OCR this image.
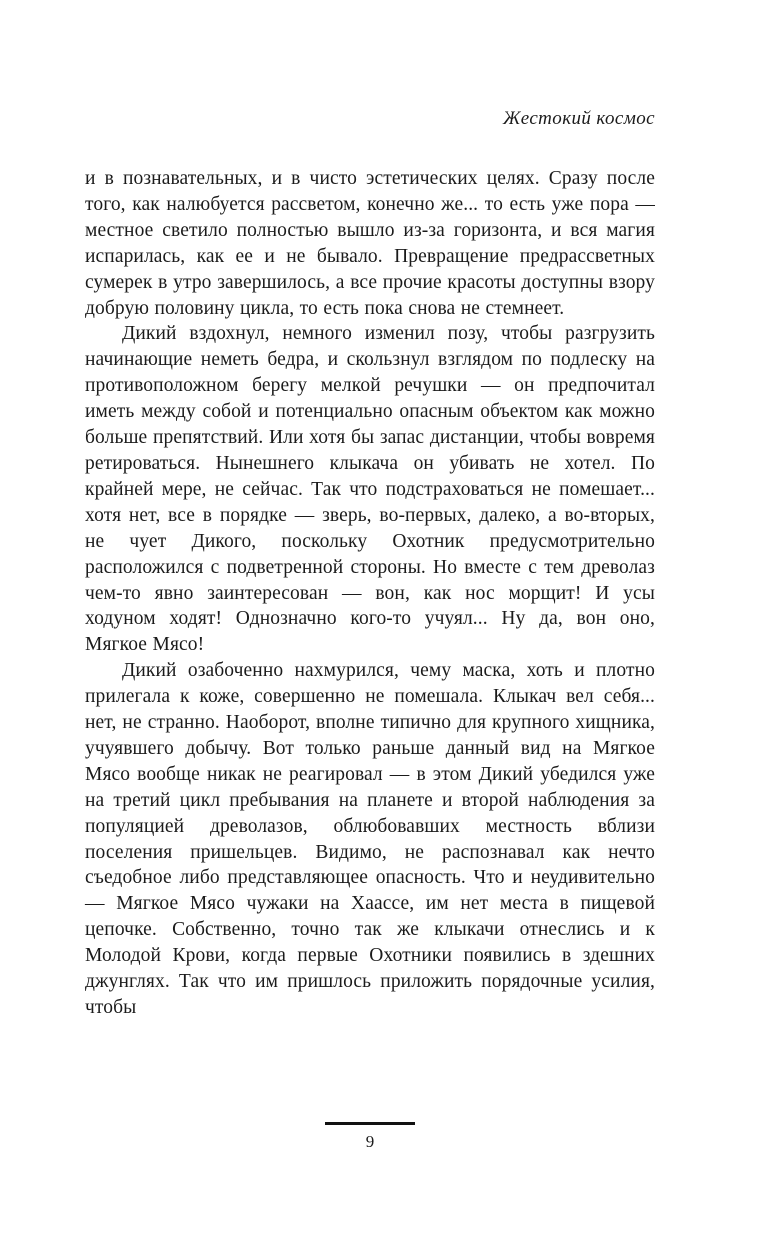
Жестокий космос

и в познавательных, и в чисто эстетических целях. Сразу после того, как налюбуется рассветом, конечно же... то есть уже пора — местное светило полностью вышло из-за горизонта, и вся магия испарилась, как ее и не бывало. Превращение предрассветных сумерек в утро завершилось, а все прочие красоты доступны взору добрую половину цикла, то есть пока снова не стемнеет.

Дикий вздохнул, немного изменил позу, чтобы разгрузить начинающие неметь бедра, и скользнул взглядом по подлеску на противоположном берегу мелкой речушки — он предпочитал иметь между собой и потенциально опасным объектом как можно больше препятствий. Или хотя бы запас дистанции, чтобы вовремя ретироваться. Нынешнего клыкача он убивать не хотел. По крайней мере, не сейчас. Так что подстраховаться не помешает... хотя нет, все в порядке — зверь, во-первых, далеко, а во-вторых, не чует Дикого, поскольку Охотник предусмотрительно расположился с подветренной стороны. Но вместе с тем древолаз чем-то явно заинтересован — вон, как нос морщит! И усы ходуном ходят! Однозначно кого-то учуял... Ну да, вон оно, Мягкое Мясо!

Дикий озабоченно нахмурился, чему маска, хоть и плотно прилегала к коже, совершенно не помешала. Клыкач вел себя... нет, не странно. Наоборот, вполне типично для крупного хищника, учуявшего добычу. Вот только раньше данный вид на Мягкое Мясо вообще никак не реагировал — в этом Дикий убедился уже на третий цикл пребывания на планете и второй наблюдения за популяцией древолазов, облюбовавших местность вблизи поселения пришельцев. Видимо, не распознавал как нечто съедобное либо представляющее опасность. Что и неудивительно — Мягкое Мясо чужаки на Хаассе, им нет места в пищевой цепочке. Собственно, точно так же клыкачи отнеслись и к Молодой Крови, когда первые Охотники появились в здешних джунглях. Так что им пришлось приложить порядочные усилия, чтобы

9
